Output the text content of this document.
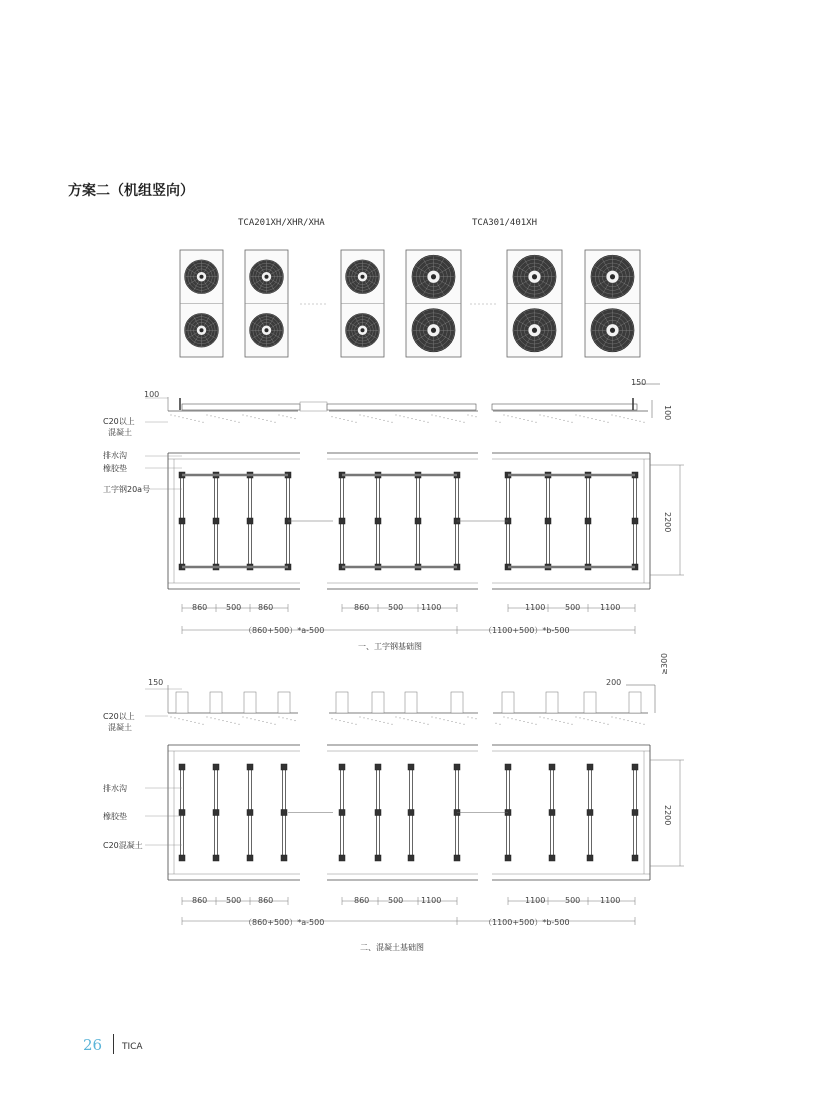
方案二（机组竖向）
TCA201XH/XHR/XHA	TCA301/401XH
100
150
100
C20以上
混凝土
排水沟
橡胶垫
工字钢20a号
2200
860 500 860	860 500 1100	1100 500 1100
（860+500）*a-500	（1100+500）*b-500
一、工字钢基础图
150	200
≥300
C20以上
混凝土
排水沟
橡胶垫
C20混凝土
2200
860 500 860	860 500 1100	1100 500 1100
（860+500）*a-500	（1100+500）*b-500
二、混凝土基础图
26 TICA
